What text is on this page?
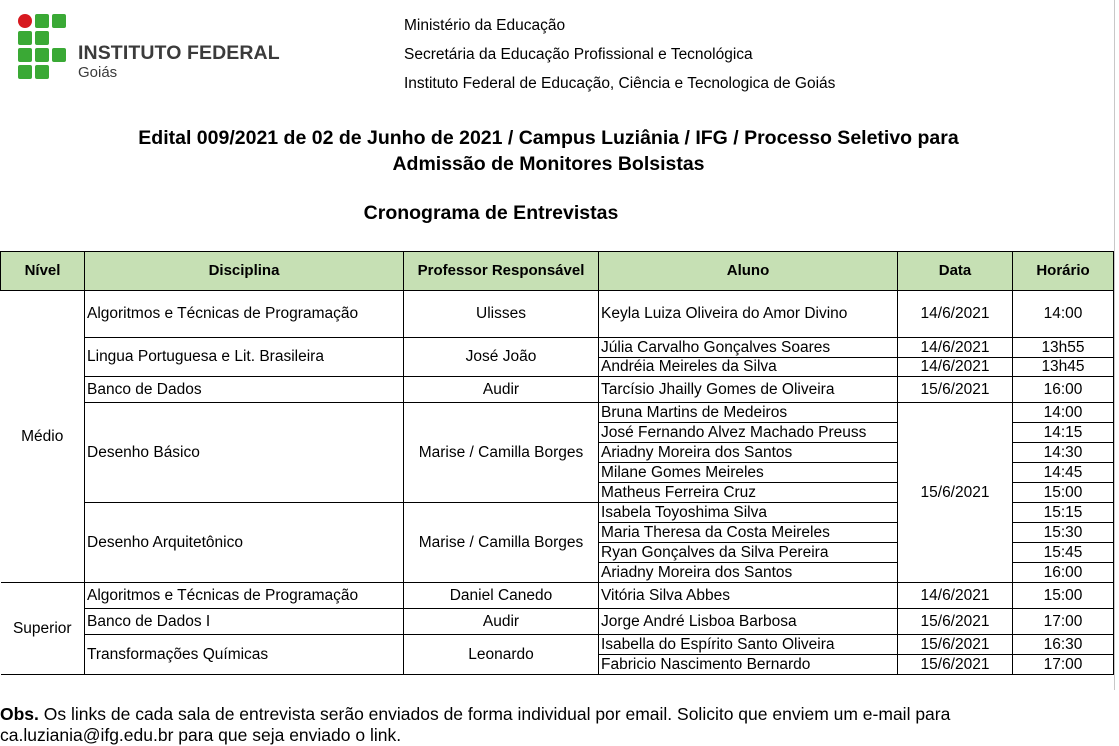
INSTITUTO FEDERAL
Goiás
Ministério da Educação
Secretária da Educação Profissional e Tecnológica
Instituto Federal de Educação, Ciência e Tecnologica de Goiás
Edital 009/2021 de 02 de Junho de 2021 / Campus Luziânia / IFG / Processo Seletivo para
Admissão de Monitores Bolsistas
Cronograma de Entrevistas
Nível	Disciplina	Professor Responsável	Aluno	Data	Horário
Médio	Algoritmos e Técnicas de Programação	Ulisses	Keyla Luiza Oliveira do Amor Divino	14/6/2021	14:00
	Lingua Portuguesa e Lit. Brasileira	José João	Júlia Carvalho Gonçalves Soares	14/6/2021	13h55
			Andréia Meireles da Silva	14/6/2021	13h45
	Banco de Dados	Audir	Tarcísio Jhailly Gomes de Oliveira	15/6/2021	16:00
	Desenho Básico	Marise / Camilla Borges	Bruna Martins de Medeiros	15/6/2021	14:00
			José Fernando Alvez Machado Preuss		14:15
			Ariadny Moreira dos Santos		14:30
			Milane Gomes Meireles		14:45
			Matheus Ferreira Cruz		15:00
	Desenho Arquitetônico	Marise / Camilla Borges	Isabela Toyoshima Silva		15:15
			Maria Theresa da Costa Meireles		15:30
			Ryan Gonçalves da Silva Pereira		15:45
			Ariadny Moreira dos Santos		16:00
Superior	Algoritmos e Técnicas de Programação	Daniel Canedo	Vitória Silva Abbes	14/6/2021	15:00
	Banco de Dados I	Audir	Jorge André Lisboa Barbosa	15/6/2021	17:00
	Transformações Químicas	Leonardo	Isabella do Espírito Santo Oliveira	15/6/2021	16:30
			Fabricio Nascimento Bernardo	15/6/2021	17:00
Obs. Os links de cada sala de entrevista serão enviados de forma individual por email. Solicito que enviem um e-mail para ca.luziania@ifg.edu.br para que seja enviado o link.
